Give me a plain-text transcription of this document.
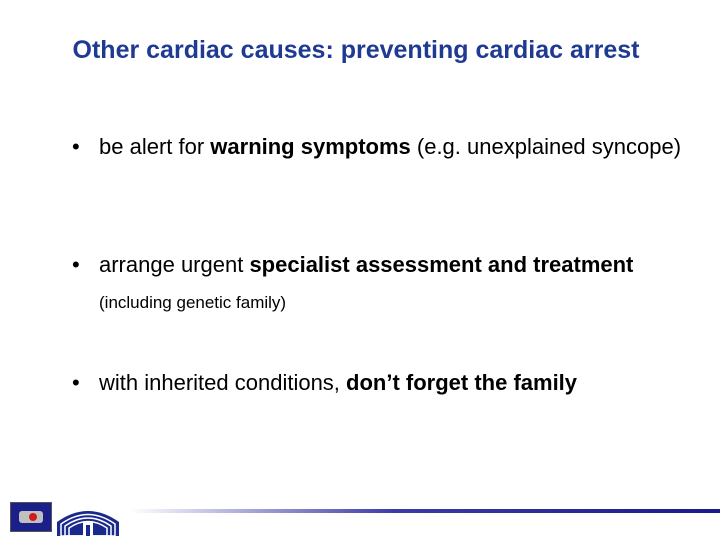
Other cardiac causes: preventing cardiac arrest
• be alert for warning symptoms (e.g. unexplained syncope)
• arrange urgent specialist assessment and treatment (including genetic family)
• with inherited conditions, don’t forget the family
